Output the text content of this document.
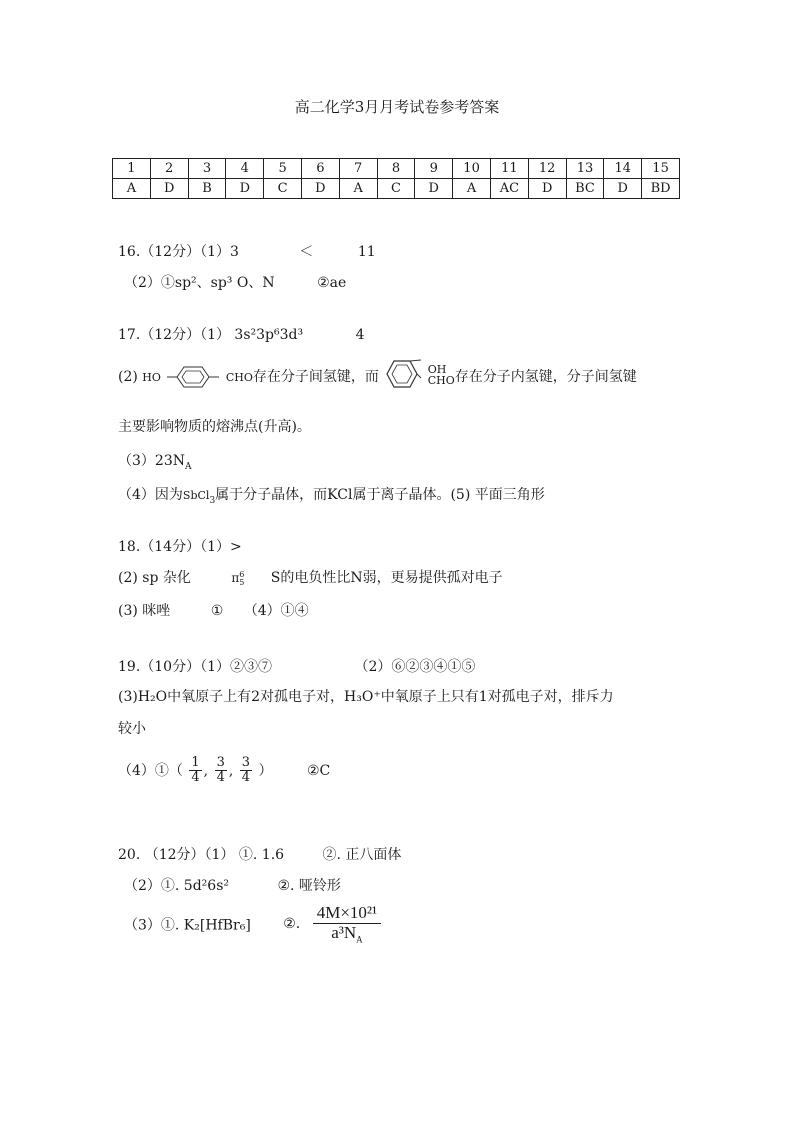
高二化学3月月考试卷参考答案
1	2	3	4	5	6	7	8	9	10	11	12	13	14	15
A	D	B	D	C	D	A	C	D	A	AC	D	BC	D	BD
16.（12分）（1）3	＜	11
（2）①sp²、sp³ O、N	②ae
17.（12分）（1） 3s²3p⁶3d³	4
(2) HO	CHO存在分子间氢键，而	OH
CHO 存在分子内氢键，分子间氢键
主要影响物质的熔沸点(升高)。
$(3)23N_A$
（4）因为SbCl$_3$属于分子晶体，而KCl属于离子晶体。(5) 平面三角形
18.（14分）（1）>
(2) sp 杂化	π 6
5 S的电负性比N弱，更易提供孤对电子
(3) 咪唑	① （4）①④
19.（10分）（1）②③⑦	（2）⑥②③④①⑤
(3)H₂O中氧原子上有2对孤电子对，H₃O⁺中氧原子上只有1对孤电子对，排斥力
较小
（4）①（ $\frac{1}{4}$ , $\frac{3}{4}$ , $\frac{3}{4}$ ） ②C
20. （12分）（1） ①. 1.6	②. 正八面体
（2）①. 5d²6s²	②. 哑铃形
（3）①. K₂[HfBr₆] ②. $\frac{\text{4M×10²¹}}{a^3N_A}$
